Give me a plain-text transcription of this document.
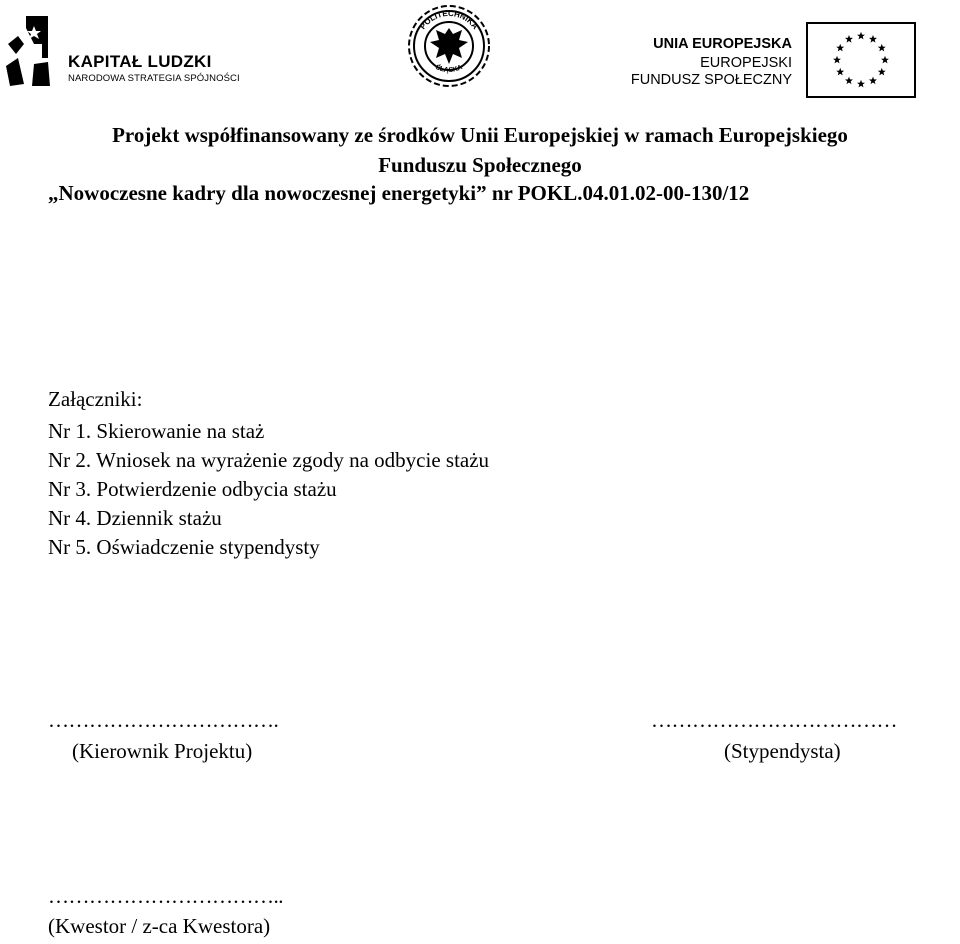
KAPITAŁ LUDZKI
NARODOWA STRATEGIA SPÓJNOŚCI
POLITECHNIKA
ŚLĄSKA
UNIA EUROPEJSKA
EUROPEJSKI
FUNDUSZ SPOŁECZNY
Projekt współfinansowany ze środków Unii Europejskiej w ramach Europejskiego
Funduszu Społecznego
„Nowoczesne kadry dla nowoczesnej energetyki” nr POKL.04.01.02-00-130/12
Załączniki:
Nr 1. Skierowanie na staż
Nr 2. Wniosek na wyrażenie zgody na odbycie stażu
Nr 3. Potwierdzenie odbycia stażu
Nr 4. Dziennik stażu
Nr 5. Oświadczenie stypendysty
…………………………….
(Kierownik Projektu)
………………………………
(Stypendysta)
……………………………..
(Kwestor / z-ca Kwestora)
